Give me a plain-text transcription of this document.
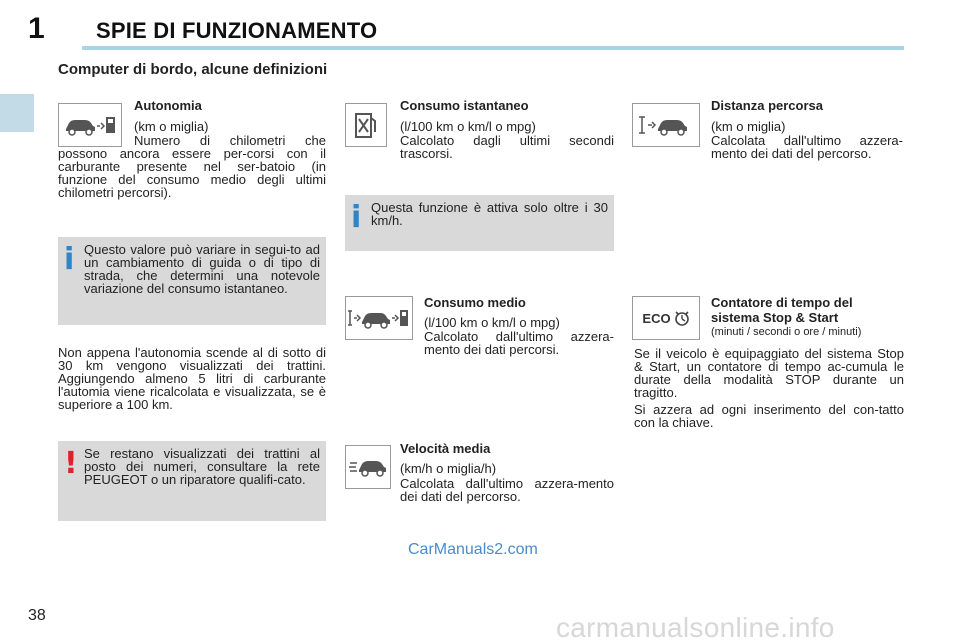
1 SPIE DI FUNZIONAMENTO
Computer di bordo, alcune definizioni
Autonomia
(km o miglia)
Numero di chilometri che possono ancora essere per-corsi con il carburante presente nel ser-batoio (in funzione del consumo medio degli ultimi chilometri percorsi).
i Questo valore può variare in segui-to ad un cambiamento di guida o di tipo di strada, che determini una notevole variazione del consumo istantaneo.
Non appena l'autonomia scende al di sotto di 30 km vengono visualizzati dei trattini. Aggiungendo almeno 5 litri di carburante l'automia viene ricalcolata e visualizzata, se è superiore a 100 km.
! Se restano visualizzati dei trattini al posto dei numeri, consultare la rete PEUGEOT o un riparatore qualifi-cato.
Consumo istantaneo
(l/100 km o km/l o mpg)
Calcolato dagli ultimi secondi trascorsi.
i Questa funzione è attiva solo oltre i 30 km/h.
Consumo medio
(l/100 km o km/l o mpg)
Calcolato dall'ultimo azzera-mento dei dati percorsi.
Velocità media
(km/h o miglia/h)
Calcolata dall'ultimo azzera-mento dei dati del percorso.
Distanza percorsa
(km o miglia)
Calcolata dall'ultimo azzera-mento dei dati del percorso.
ECO
Contatore di tempo del sistema Stop & Start
(minuti / secondi o ore / minuti)
Se il veicolo è equipaggiato del sistema Stop & Start, un contatore di tempo ac-cumula le durate della modalità STOP durante un tragitto.
Si azzera ad ogni inserimento del con-tatto con la chiave.
CarManuals2.com
carmanualsonline.info
38
